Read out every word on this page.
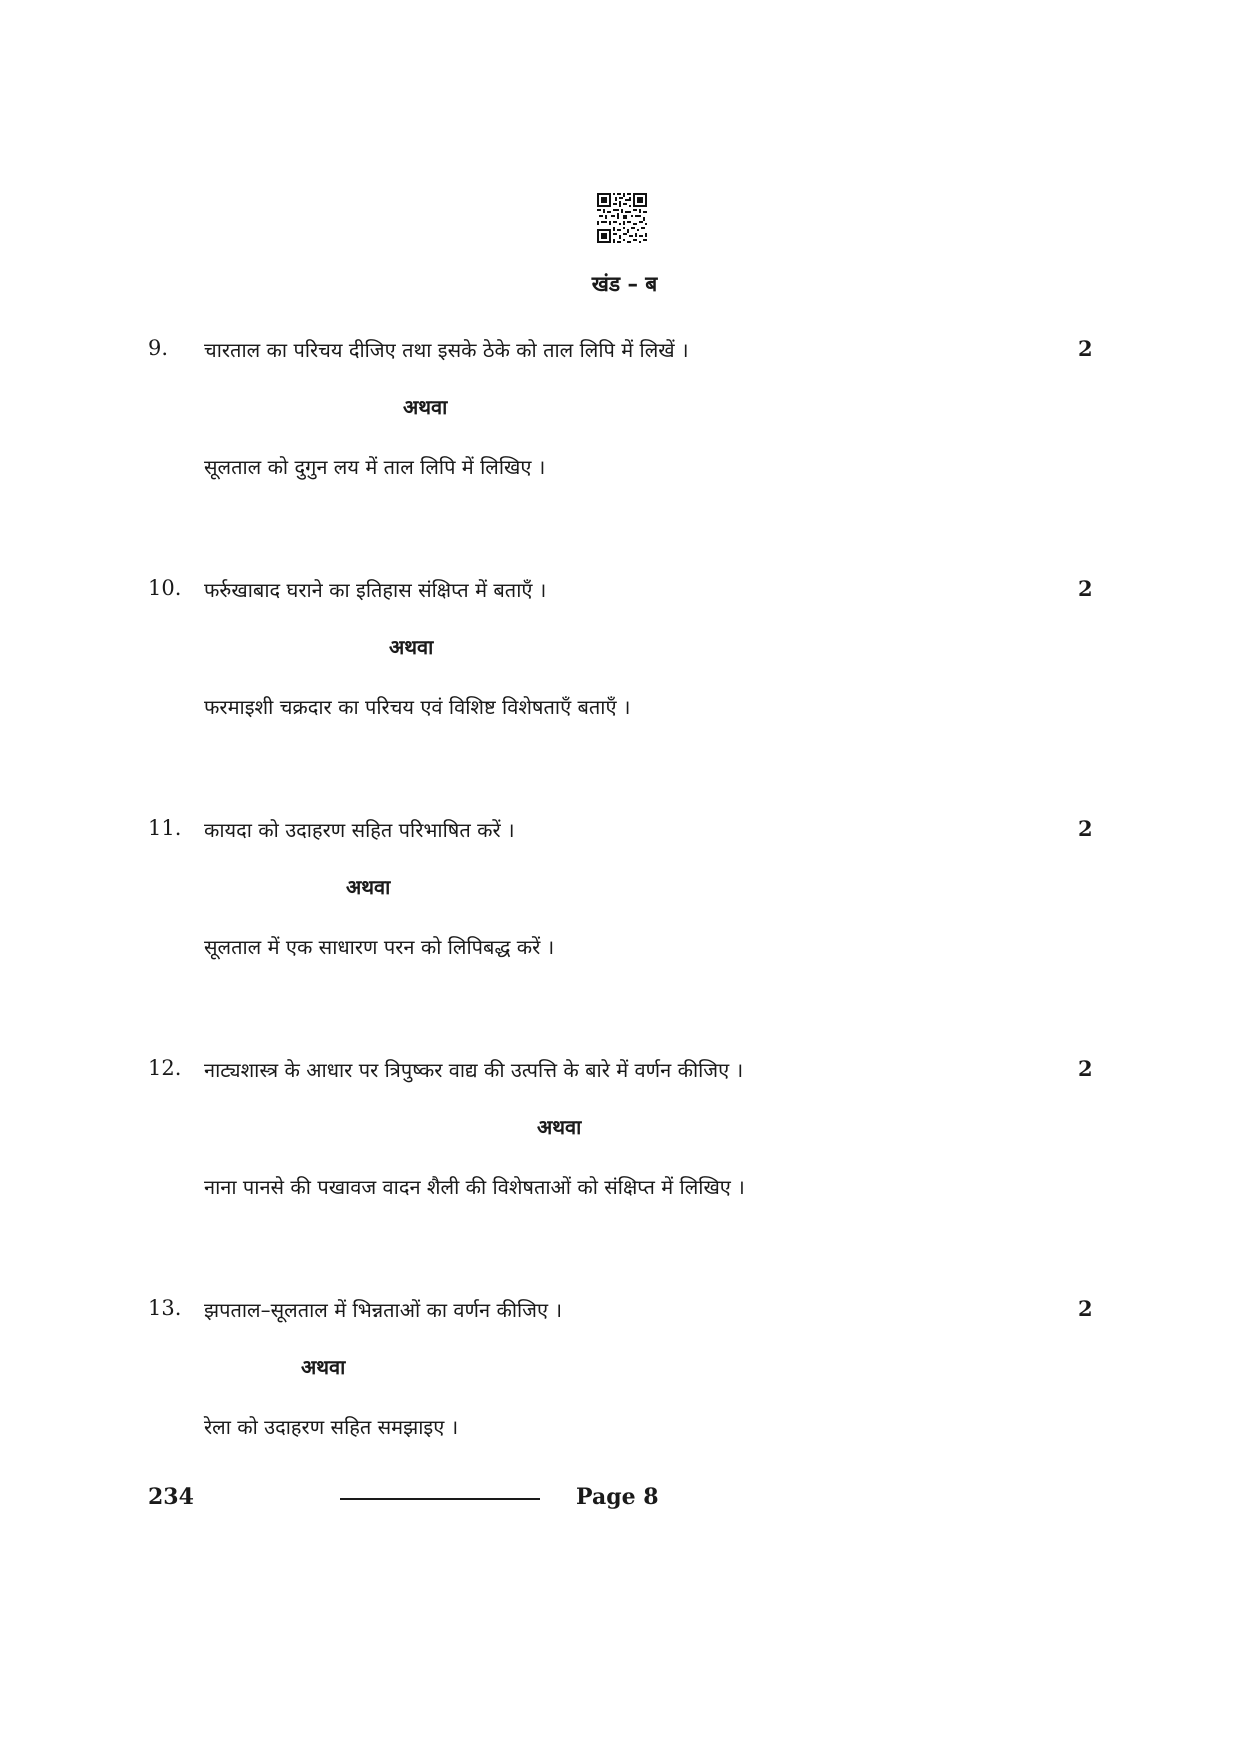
खंड – ब
9. चारताल का परिचय दीजिए तथा इसके ठेके को ताल लिपि में लिखें ।	2
अथवा
सूलताल को दुगुन लय में ताल लिपि में लिखिए ।
10. फर्रुखाबाद घराने का इतिहास संक्षिप्त में बताएँ ।	2
अथवा
फरमाइशी चक्रदार का परिचय एवं विशिष्ट विशेषताएँ बताएँ ।
11. कायदा को उदाहरण सहित परिभाषित करें ।	2
अथवा
सूलताल में एक साधारण परन को लिपिबद्ध करें ।
12. नाट्यशास्त्र के आधार पर त्रिपुष्कर वाद्य की उत्पत्ति के बारे में वर्णन कीजिए ।	2
अथवा
नाना पानसे की पखावज वादन शैली की विशेषताओं को संक्षिप्त में लिखिए ।
13. झपताल–सूलताल में भिन्नताओं का वर्णन कीजिए ।	2
अथवा
रेला को उदाहरण सहित समझाइए ।
234	Page 8
